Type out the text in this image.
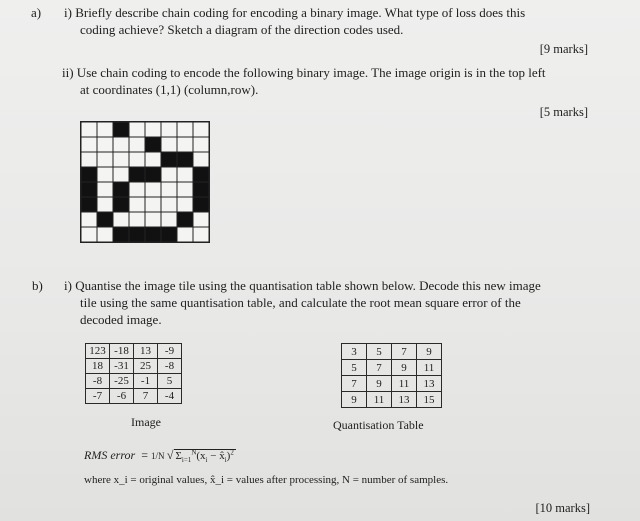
a) i) Briefly describe chain coding for encoding a binary image. What type of loss does this
coding achieve? Sketch a diagram of the direction codes used.
[9 marks]
ii) Use chain coding to encode the following binary image. The image origin is in the top left
at coordinates (1,1) (column,row).
[5 marks]
b) i) Quantise the image tile using the quantisation table shown below. Decode this new image
tile using the same quantisation table, and calculate the root mean square error of the
decoded image.
123	-18	13	-9
18	-31	25	-8
-8	-25	-1	5
-7	-6	7	-4
Image
3	5	7	9
5	7	9	11
7	9	11	13
9	11	13	15
Quantisation Table
RMS error  = 1/N √ $\Sigma_{i=1}^N(x_i$ − $x̂_i)^2$
where x_i = original values, x̂_i = values after processing, N = number of samples.
[10 marks]
